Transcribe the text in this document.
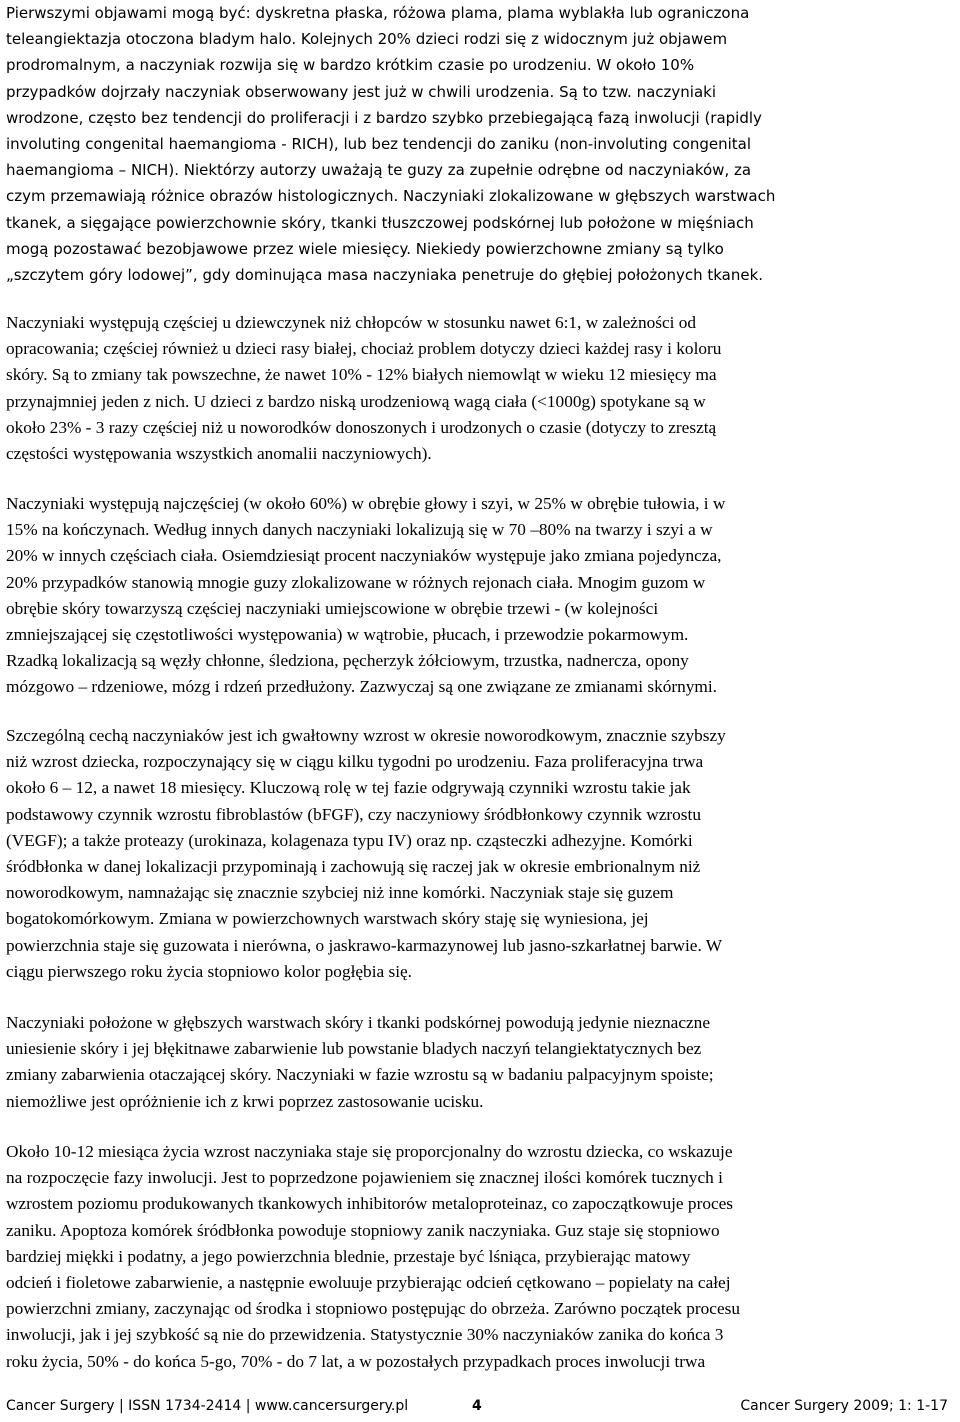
Pierwszymi objawami mogą być: dyskretna płaska, różowa plama, plama wyblakła lub ograniczona
teleangiektazja otoczona bladym halo. Kolejnych 20% dzieci rodzi się z widocznym już objawem
prodromalnym, a naczyniak rozwija się w bardzo krótkim czasie po urodzeniu. W około 10%
przypadków dojrzały naczyniak obserwowany jest już w chwili urodzenia. Są to tzw. naczyniaki
wrodzone, często bez tendencji do proliferacji i z bardzo szybko przebiegającą fazą inwolucji (rapidly
involuting congenital haemangioma - RICH), lub bez tendencji do zaniku (non-involuting congenital
haemangioma – NICH). Niektórzy autorzy uważają te guzy za zupełnie odrębne od naczyniaków, za
czym przemawiają różnice obrazów histologicznych. Naczyniaki zlokalizowane w głębszych warstwach
tkanek, a sięgające powierzchownie skóry, tkanki tłuszczowej podskórnej lub położone w mięśniach
mogą pozostawać bezobjawowe przez wiele miesięcy. Niekiedy powierzchowne zmiany są tylko
„szczytem góry lodowej”, gdy dominująca masa naczyniaka penetruje do głębiej położonych tkanek.
Naczyniaki występują częściej u dziewczynek niż chłopców w stosunku nawet 6:1, w zależności od
opracowania; częściej również u dzieci rasy białej, chociaż problem dotyczy dzieci każdej rasy i koloru
skóry. Są to zmiany tak powszechne, że nawet 10% - 12% białych niemowląt w wieku 12 miesięcy ma
przynajmniej jeden z nich. U dzieci z bardzo niską urodzeniową wagą ciała (<1000g) spotykane są w
około 23% - 3 razy częściej niż u noworodków donoszonych i urodzonych o czasie (dotyczy to zresztą
częstości występowania wszystkich anomalii naczyniowych).
Naczyniaki występują najczęściej (w około 60%) w obrębie głowy i szyi, w 25% w obrębie tułowia, i w
15% na kończynach. Według innych danych naczyniaki lokalizują się w 70 –80% na twarzy i szyi a w
20% w innych częściach ciała. Osiemdziesiąt procent naczyniaków występuje jako zmiana pojedyncza,
20% przypadków stanowią mnogie guzy zlokalizowane w różnych rejonach ciała. Mnogim guzom w
obrębie skóry towarzyszą częściej naczyniaki umiejscowione w obrębie trzewi - (w kolejności
zmniejszającej się częstotliwości występowania) w wątrobie, płucach, i przewodzie pokarmowym.
Rzadką lokalizacją są węzły chłonne, śledziona, pęcherzyk żółciowym, trzustka, nadnercza, opony
mózgowo – rdzeniowe, mózg i rdzeń przedłużony. Zazwyczaj są one związane ze zmianami skórnymi.
Szczególną cechą naczyniaków jest ich gwałtowny wzrost w okresie noworodkowym, znacznie szybszy
niż wzrost dziecka, rozpoczynający się w ciągu kilku tygodni po urodzeniu. Faza proliferacyjna trwa
około 6 – 12, a nawet 18 miesięcy. Kluczową rolę w tej fazie odgrywają czynniki wzrostu takie jak
podstawowy czynnik wzrostu fibroblastów (bFGF), czy naczyniowy śródbłonkowy czynnik wzrostu
(VEGF); a także proteazy (urokinaza, kolagenaza typu IV) oraz np. cząsteczki adhezyjne. Komórki
śródbłonka w danej lokalizacji przypominają i zachowują się raczej jak w okresie embrionalnym niż
noworodkowym, namnażając się znacznie szybciej niż inne komórki. Naczyniak staje się guzem
bogatokomórkowym. Zmiana w powierzchownych warstwach skóry staję się wyniesiona, jej
powierzchnia staje się guzowata i nierówna, o jaskrawo-karmazynowej lub jasno-szkarłatnej barwie. W
ciągu pierwszego roku życia stopniowo kolor pogłębia się.
Naczyniaki położone w głębszych warstwach skóry i tkanki podskórnej powodują jedynie nieznaczne
uniesienie skóry i jej błękitnawe zabarwienie lub powstanie bladych naczyń telangiektatycznych bez
zmiany zabarwienia otaczającej skóry. Naczyniaki w fazie wzrostu są w badaniu palpacyjnym spoiste;
niemożliwe jest opróżnienie ich z krwi poprzez zastosowanie ucisku.
Około 10-12 miesiąca życia wzrost naczyniaka staje się proporcjonalny do wzrostu dziecka, co wskazuje
na rozpoczęcie fazy inwolucji. Jest to poprzedzone pojawieniem się znacznej ilości komórek tucznych i
wzrostem poziomu produkowanych tkankowych inhibitorów metaloproteinaz, co zapoczątkowuje proces
zaniku. Apoptoza komórek śródbłonka powoduje stopniowy zanik naczyniaka. Guz staje się stopniowo
bardziej miękki i podatny, a jego powierzchnia blednie, przestaje być lśniąca, przybierając matowy
odcień i fioletowe zabarwienie, a następnie ewoluuje przybierając odcień cętkowano – popielaty na całej
powierzchni zmiany, zaczynając od środka i stopniowo postępując do obrzeża. Zarówno początek procesu
inwolucji, jak i jej szybkość są nie do przewidzenia. Statystycznie 30% naczyniaków zanika do końca 3
roku życia, 50% - do końca 5-go, 70% - do 7 lat, a w pozostałych przypadkach proces inwolucji trwa
Cancer Surgery | ISSN 1734-2414 | www.cancersurgery.pl	4	Cancer Surgery 2009; 1: 1-17
